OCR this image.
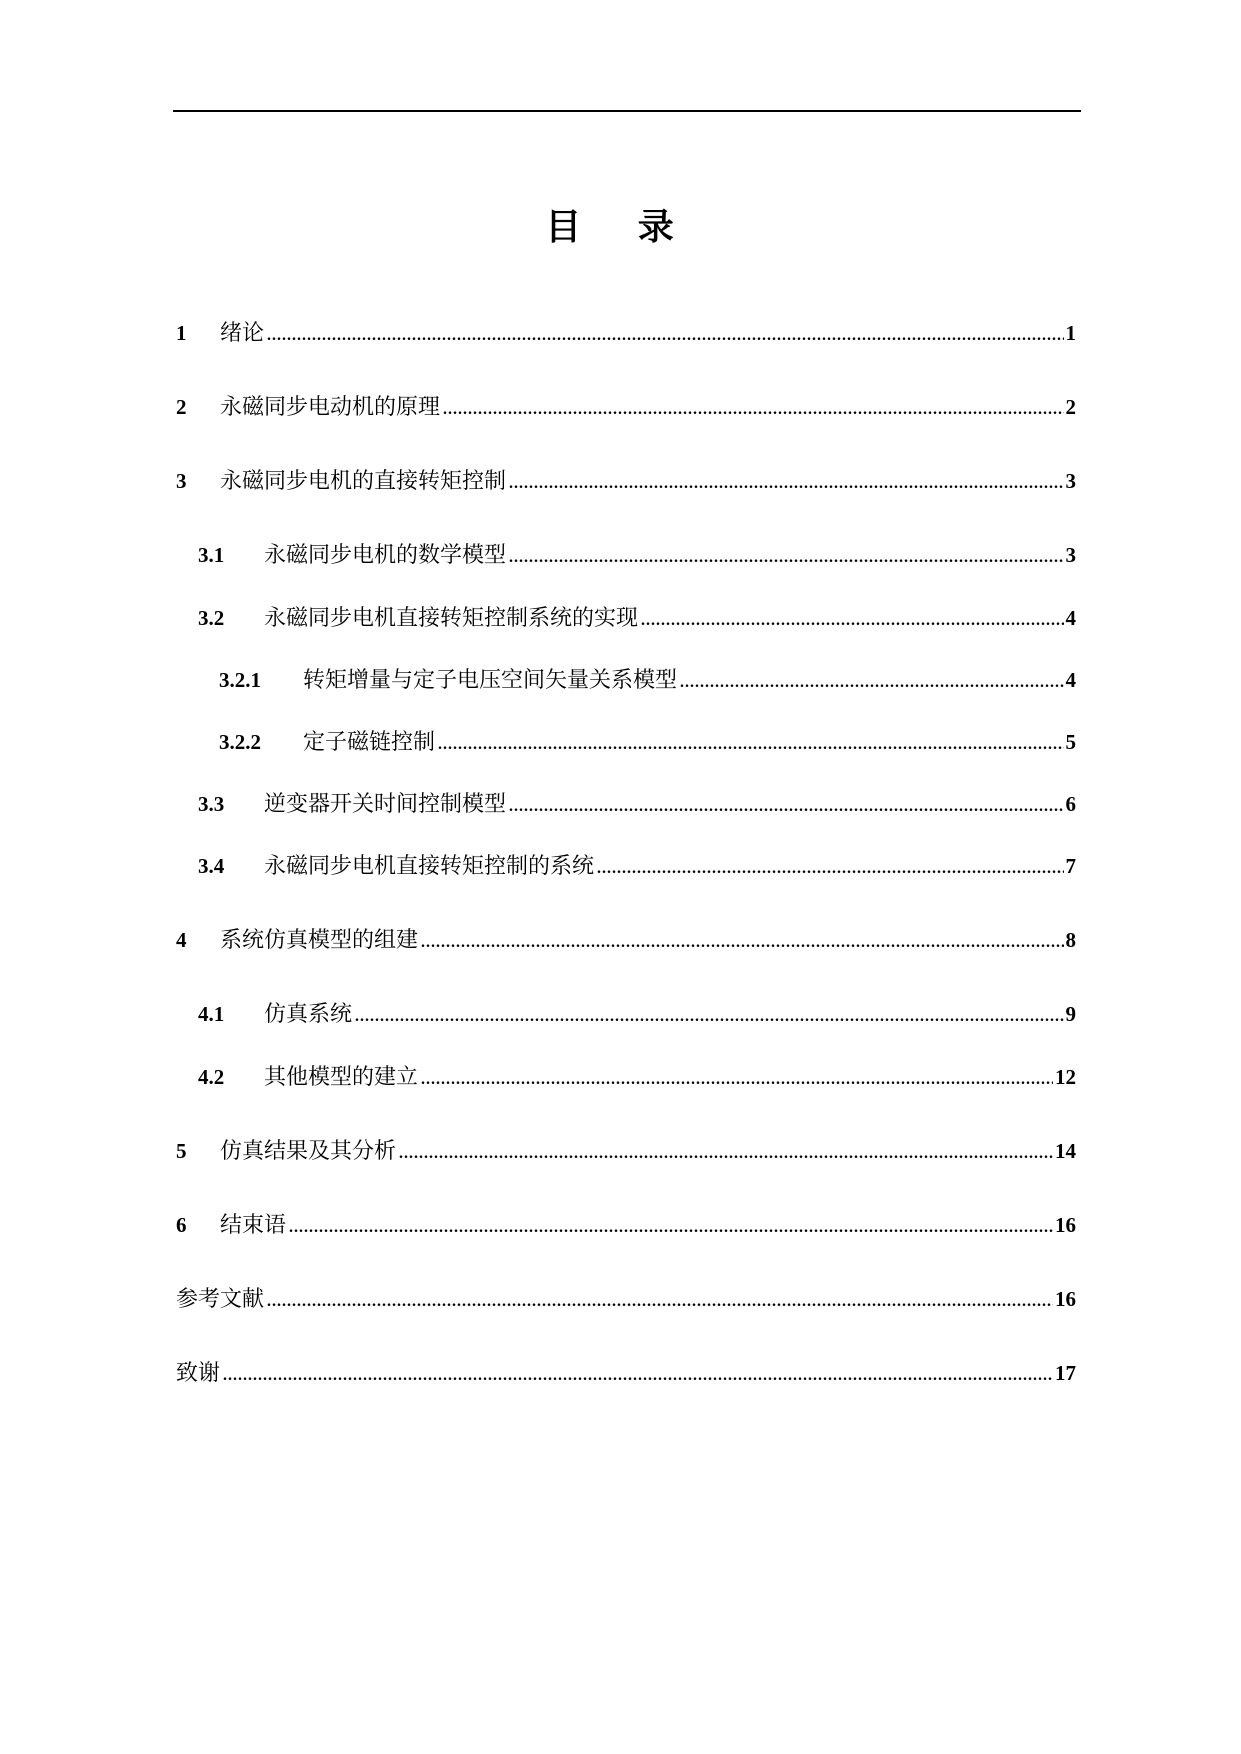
目 录
1	绪论 .....	1
2	永磁同步电动机的原理 .....	2
3	永磁同步电机的直接转矩控制 .....	3
3.1	永磁同步电机的数学模型 .....	3
3.2	永磁同步电机直接转矩控制系统的实现 .....	4
3.2.1	转矩增量与定子电压空间矢量关系模型 .....	4
3.2.2	定子磁链控制 .....	5
3.3	逆变器开关时间控制模型 .....	6
3.4	永磁同步电机直接转矩控制的系统 .....	7
4	系统仿真模型的组建 .....	8
4.1	仿真系统 .....	9
4.2	其他模型的建立 .....	12
5	仿真结果及其分析 .....	14
6	结束语 .....	16
参考文献 .....	16
致谢 .....	17
